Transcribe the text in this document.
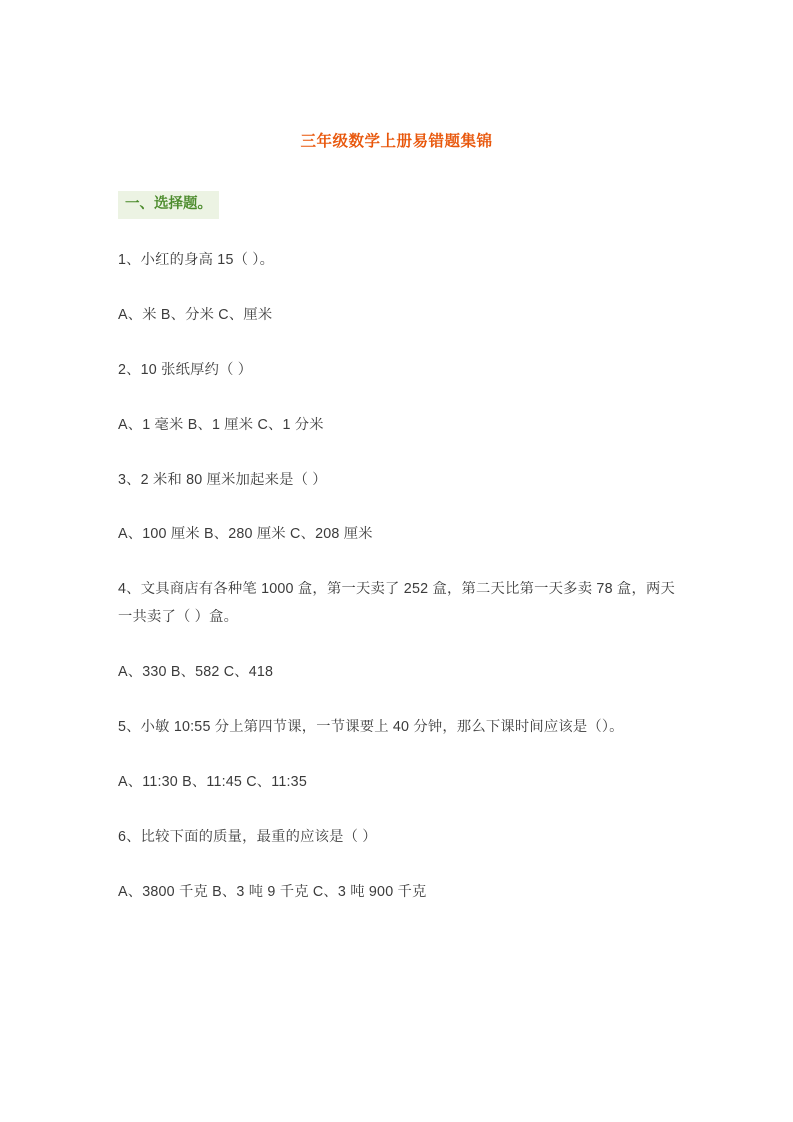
三年级数学上册易错题集锦
一、选择题。
1、小红的身高 15（ ）。
A、米 B、分米 C、厘米
2、10 张纸厚约（ ）
A、1 毫米 B、1 厘米 C、1 分米
3、2 米和 80 厘米加起来是（ ）
A、100 厘米 B、280 厘米 C、208 厘米
4、文具商店有各种笔 1000 盒，第一天卖了 252 盒，第二天比第一天多卖 78 盒，两天一共卖了（ ）盒。
A、330 B、582 C、418
5、小敏 10:55 分上第四节课，一节课要上 40 分钟，那么下课时间应该是（）。
A、11:30 B、11:45 C、11:35
6、比较下面的质量，最重的应该是（ ）
A、3800 千克 B、3 吨 9 千克 C、3 吨 900 千克
